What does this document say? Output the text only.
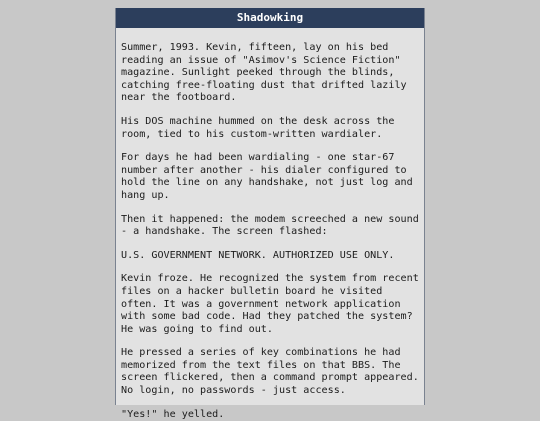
Shadowking

Summer, 1993. Kevin, fifteen, lay on his bed reading an issue of "Asimov's Science Fiction" magazine. Sunlight peeked through the blinds, catching free-floating dust that drifted lazily near the footboard.

His DOS machine hummed on the desk across the room, tied to his custom-written wardialer.

For days he had been wardialing - one star-67 number after another - his dialer configured to hold the line on any handshake, not just log and hang up.

Then it happened: the modem screeched a new sound - a handshake. The screen flashed:

U.S. GOVERNMENT NETWORK. AUTHORIZED USE ONLY.

Kevin froze. He recognized the system from recent files on a hacker bulletin board he visited often. It was a government network application with some bad code. Had they patched the system? He was going to find out.

He pressed a series of key combinations he had memorized from the text files on that BBS. The screen flickered, then a command prompt appeared. No login, no passwords - just access.

"Yes!" he yelled.
